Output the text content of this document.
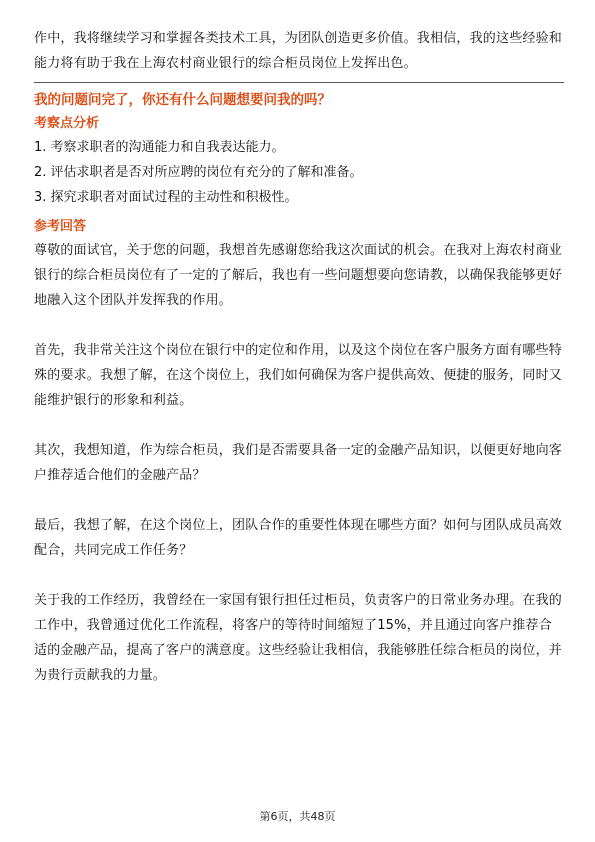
作中，我将继续学习和掌握各类技术工具，为团队创造更多价值。我相信，我的这些经验和能力将有助于我在上海农村商业银行的综合柜员岗位上发挥出色。

我的问题问完了，你还有什么问题想要问我的吗？

考察点分析

1. 考察求职者的沟通能力和自我表达能力。

2. 评估求职者是否对所应聘的岗位有充分的了解和准备。

3. 探究求职者对面试过程的主动性和积极性。

参考回答

尊敬的面试官，关于您的问题，我想首先感谢您给我这次面试的机会。在我对上海农村商业银行的综合柜员岗位有了一定的了解后，我也有一些问题想要向您请教，以确保我能够更好地融入这个团队并发挥我的作用。

首先，我非常关注这个岗位在银行中的定位和作用，以及这个岗位在客户服务方面有哪些特殊的要求。我想了解，在这个岗位上，我们如何确保为客户提供高效、便捷的服务，同时又能维护银行的形象和利益。

其次，我想知道，作为综合柜员，我们是否需要具备一定的金融产品知识，以便更好地向客户推荐适合他们的金融产品？

最后，我想了解，在这个岗位上，团队合作的重要性体现在哪些方面？如何与团队成员高效配合，共同完成工作任务？

关于我的工作经历，我曾经在一家国有银行担任过柜员，负责客户的日常业务办理。在我的工作中，我曾通过优化工作流程，将客户的等待时间缩短了15%，并且通过向客户推荐合适的金融产品，提高了客户的满意度。这些经验让我相信，我能够胜任综合柜员的岗位，并为贵行贡献我的力量。

第6页，共48页
